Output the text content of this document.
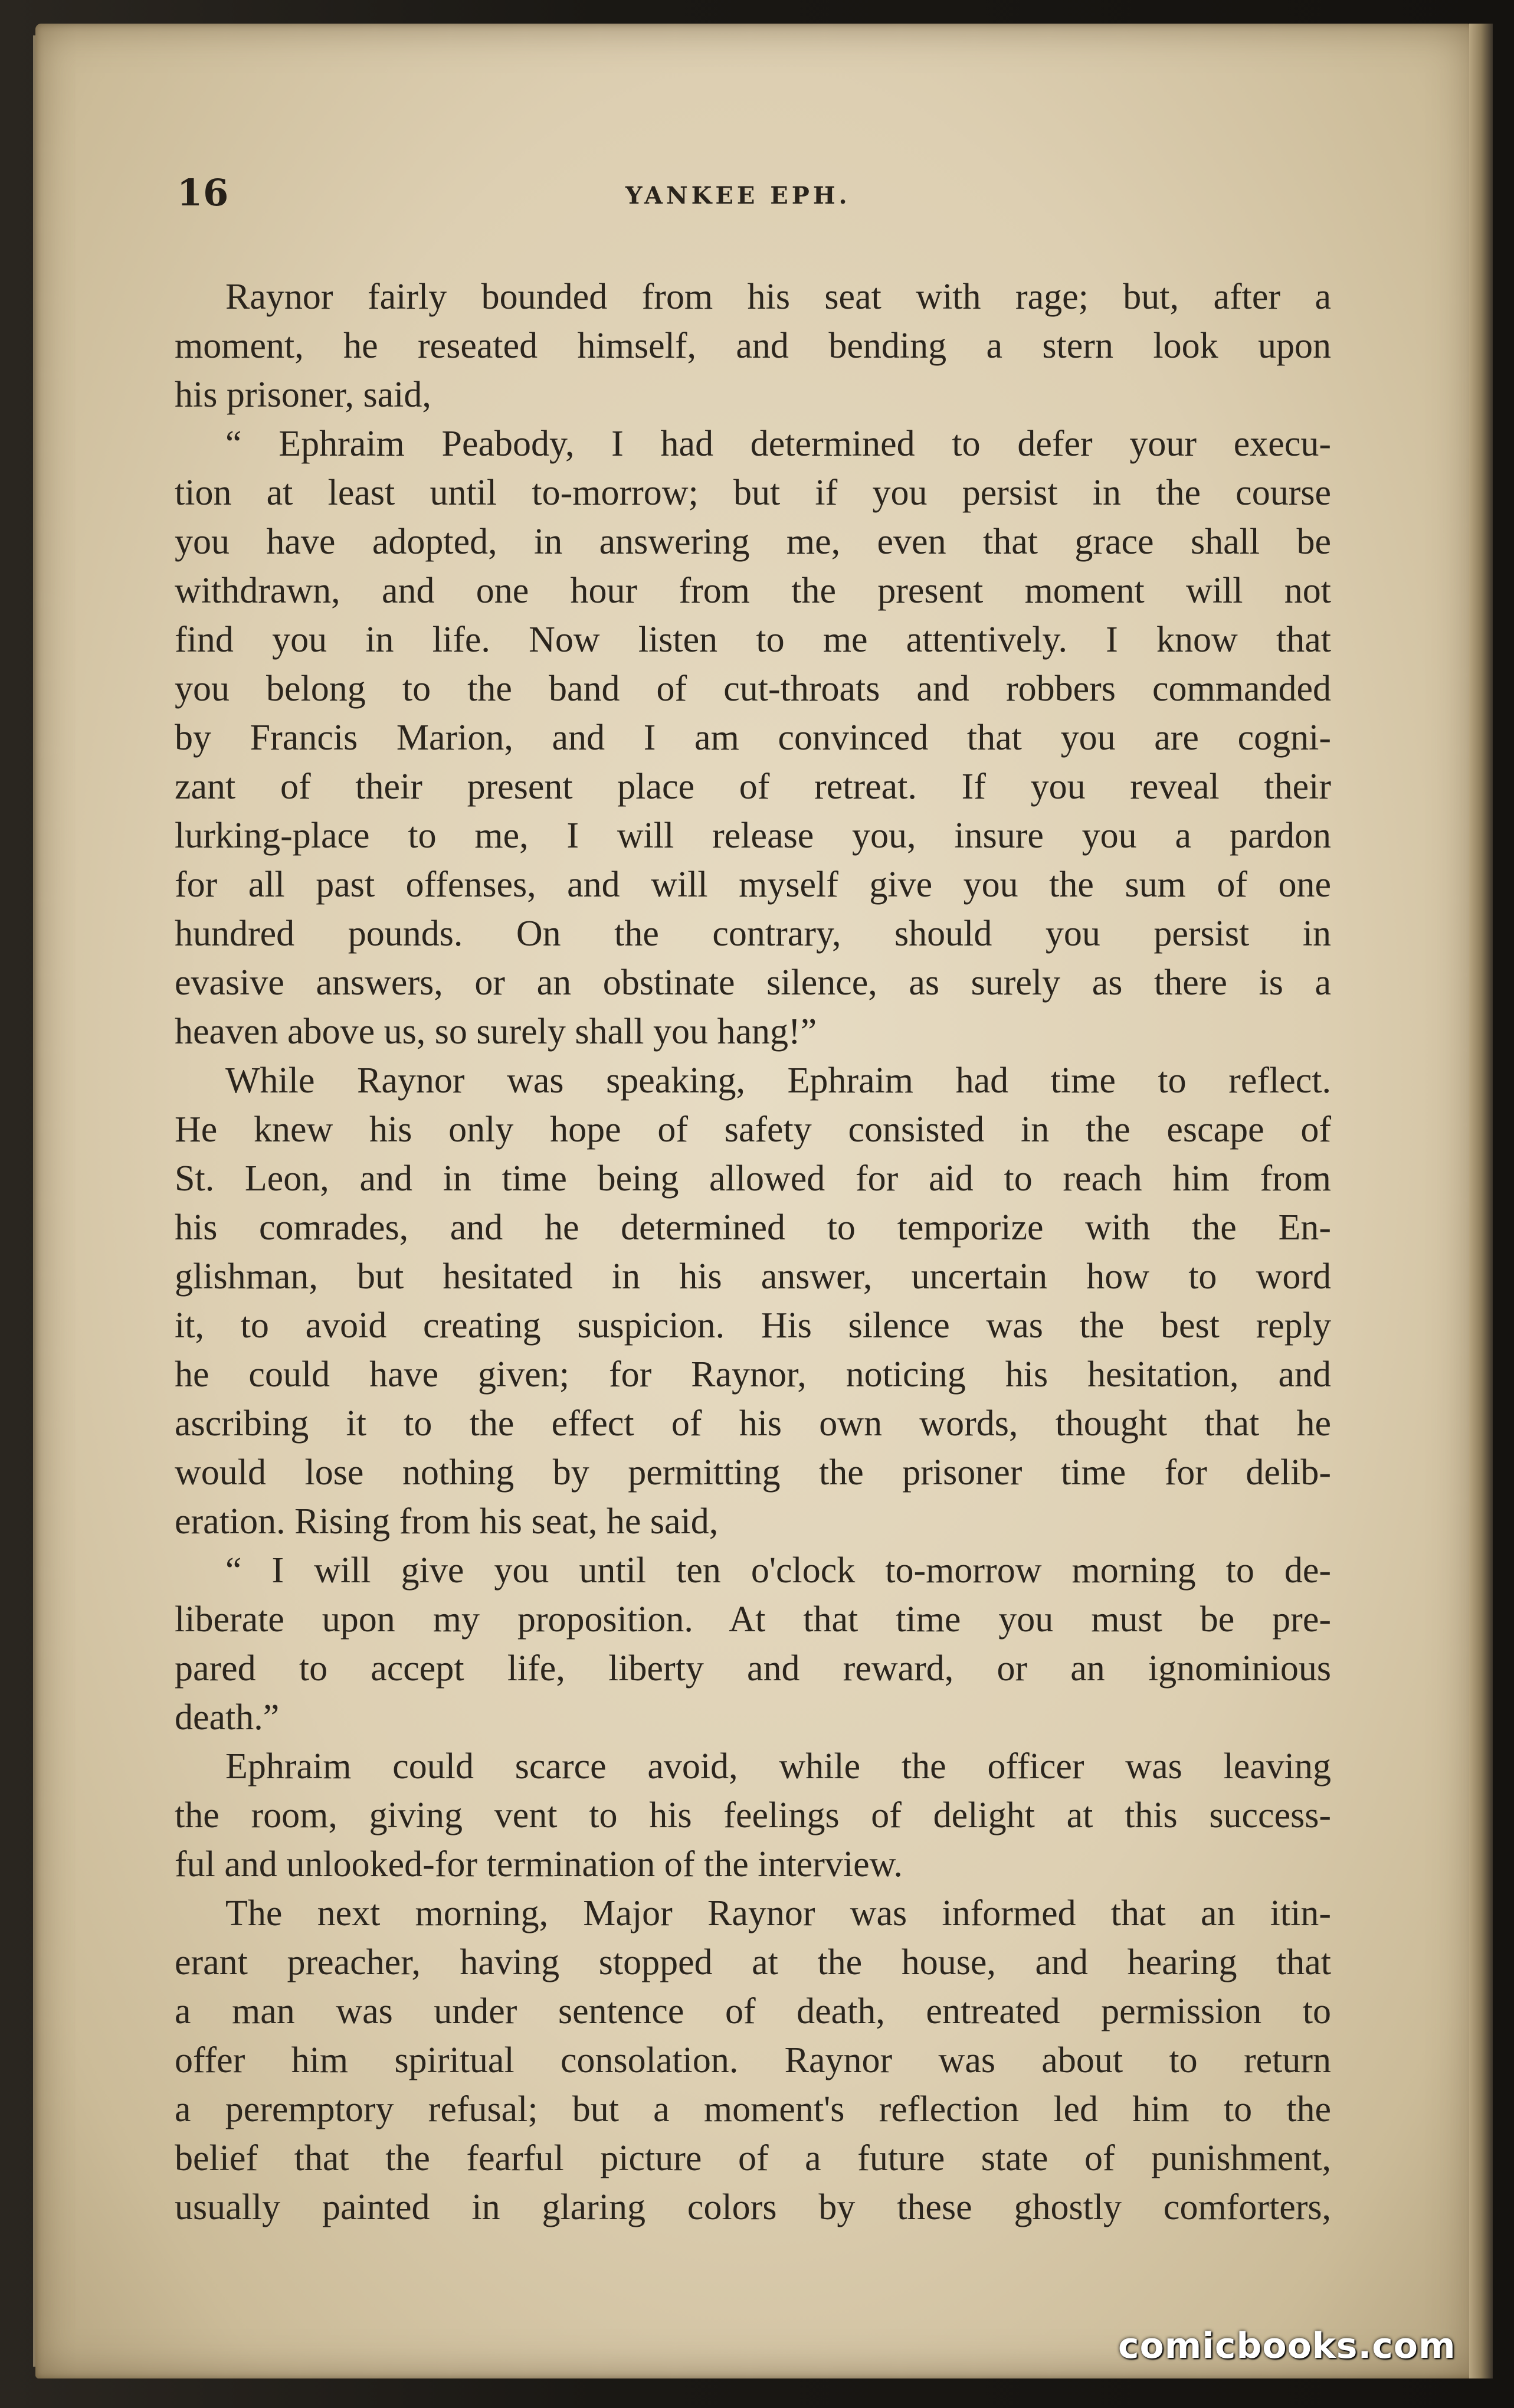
16	YANKEE EPH.
Raynor fairly bounded from his seat with rage; but, after a
moment, he reseated himself, and bending a stern look upon
his prisoner, said,
“ Ephraim Peabody, I had determined to defer your execu-
tion at least until to-morrow; but if you persist in the course
you have adopted, in answering me, even that grace shall be
withdrawn, and one hour from the present moment will not
find you in life. Now listen to me attentively. I know that
you belong to the band of cut-throats and robbers commanded
by Francis Marion, and I am convinced that you are cogni-
zant of their present place of retreat. If you reveal their
lurking-place to me, I will release you, insure you a pardon
for all past offenses, and will myself give you the sum of one
hundred pounds. On the contrary, should you persist in
evasive answers, or an obstinate silence, as surely as there is a
heaven above us, so surely shall you hang!”
While Raynor was speaking, Ephraim had time to reflect.
He knew his only hope of safety consisted in the escape of
St. Leon, and in time being allowed for aid to reach him from
his comrades, and he determined to temporize with the En-
glishman, but hesitated in his answer, uncertain how to word
it, to avoid creating suspicion. His silence was the best reply
he could have given; for Raynor, noticing his hesitation, and
ascribing it to the effect of his own words, thought that he
would lose nothing by permitting the prisoner time for delib-
eration. Rising from his seat, he said,
“ I will give you until ten o'clock to-morrow morning to de-
liberate upon my proposition. At that time you must be pre-
pared to accept life, liberty and reward, or an ignominious
death.”
Ephraim could scarce avoid, while the officer was leaving
the room, giving vent to his feelings of delight at this success-
ful and unlooked-for termination of the interview.
The next morning, Major Raynor was informed that an itin-
erant preacher, having stopped at the house, and hearing that
a man was under sentence of death, entreated permission to
offer him spiritual consolation. Raynor was about to return
a peremptory refusal; but a moment's reflection led him to the
belief that the fearful picture of a future state of punishment,
usually painted in glaring colors by these ghostly comforters,
comicbooks.com
